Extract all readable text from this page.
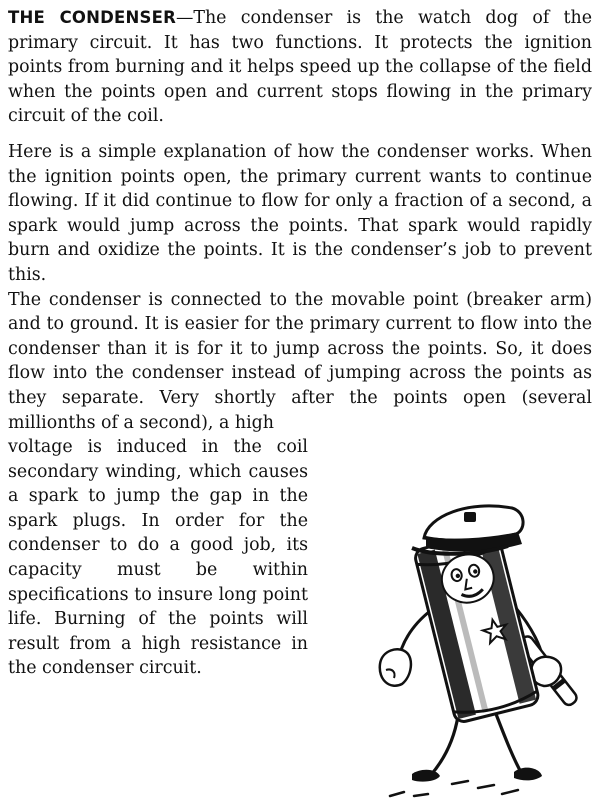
THE CONDENSER—The condenser is the watch dog of the primary circuit. It has two functions. It protects the ignition points from burning and it helps speed up the collapse of the field when the points open and current stops flowing in the primary circuit of the coil.

Here is a simple explanation of how the condenser works. When the ignition points open, the primary current wants to continue flowing. If it did continue to flow for only a fraction of a second, a spark would jump across the points. That spark would rapidly burn and oxidize the points. It is the condenser’s job to prevent this.

The condenser is connected to the movable point (breaker arm) and to ground. It is easier for the primary current to flow into the condenser than it is for it to jump across the points. So, it does flow into the condenser instead of jumping across the points as they separate. Very shortly after the points open (several millionths of a second), a high

voltage is induced in the coil secondary winding, which causes a spark to jump the gap in the spark plugs. In order for the condenser to do a good job, its capacity must be within specifications to insure long point life. Burning of the points will result from a high resistance in the condenser circuit.
